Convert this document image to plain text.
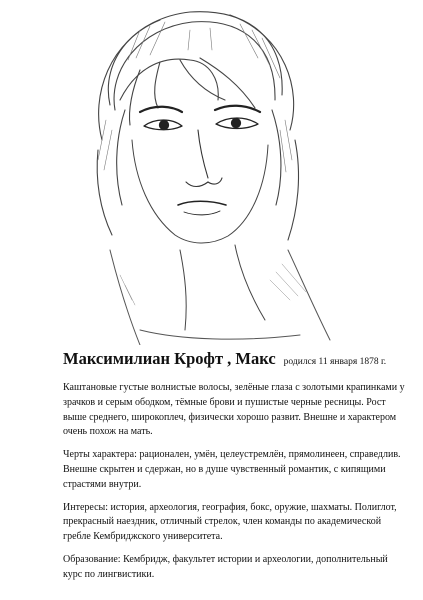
Максимилиан Крофт , Макс родился 11 января 1878 г.

Каштановые густые волнистые волосы, зелёные глаза с золотыми крапинками у зрачков и серым ободком, тёмные брови и пушистые черные ресницы. Рост выше среднего, широкоплеч, физически хорошо развит. Внешне и характером очень похож на мать.

Черты характера: рационален, умён, целеустремлён, прямолинеен, справедлив. Внешне скрытен и сдержан, но в душе чувственный романтик, с кипящими страстями внутри.

Интересы: история, археология, география, бокс, оружие, шахматы. Полиглот, прекрасный наездник, отличный стрелок, член команды по академической гребле Кембриджского университета.

Образование: Кембридж, факультет истории и археологии, дополнительный курс по лингвистики.
